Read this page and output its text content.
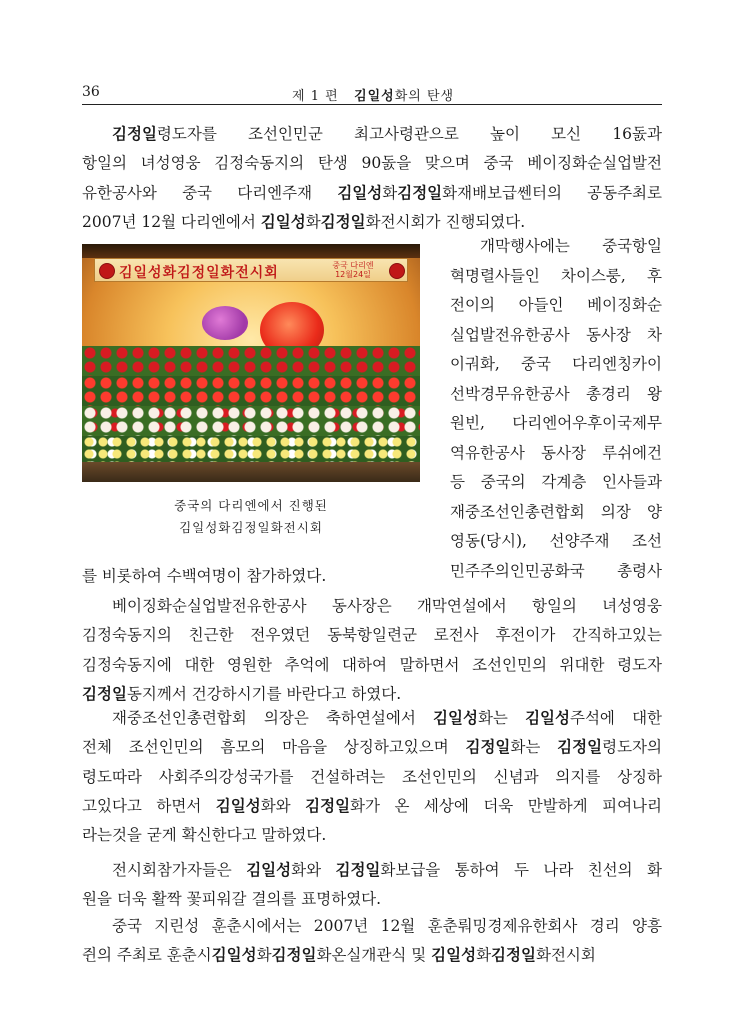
36	제 1 편 김일성화의 탄생
김정일령도자를 조선인민군 최고사령관으로 높이 모신 16돐과
항일의 녀성영웅 김정숙동지의 탄생 90돐을 맞으며 중국 베이징화순실업발전
유한공사와 중국 다리엔주재 김일성화김정일화재배보급쎈터의 공동주최로
2007년 12월 다리엔에서 김일성화김정일화전시회가 진행되였다.
개막행사에는 중국항일
혁명렬사들인 차이스룽, 후
전이의 아들인 베이징화순
실업발전유한공사 동사장 차
이궈화, 중국 다리엔칭카이
선박경무유한공사 총경리 왕
원빈, 다리엔어우후이국제무
역유한공사 동사장 루쉬에건
등 중국의 각계층 인사들과
재중조선인총련합회 의장 양
영동(당시), 선양주재 조선
민주주의인민공화국 총령사
를 비롯하여 수백여명이 참가하였다.
베이징화순실업발전유한공사 동사장은 개막연설에서 항일의 녀성영웅
김정숙동지의 친근한 전우였던 동북항일련군 로전사 후전이가 간직하고있는
김정숙동지에 대한 영원한 추억에 대하여 말하면서 조선인민의 위대한 령도자
김정일동지께서 건강하시기를 바란다고 하였다.
재중조선인총련합회 의장은 축하연설에서 김일성화는 김일성주석에 대한
전체 조선인민의 흠모의 마음을 상징하고있으며 김정일화는 김정일령도자의
령도따라 사회주의강성국가를 건설하려는 조선인민의 신념과 의지를 상징하
고있다고 하면서 김일성화와 김정일화가 온 세상에 더욱 만발하게 피여나리
라는것을 굳게 확신한다고 말하였다.
전시회참가자들은 김일성화와 김정일화보급을 통하여 두 나라 친선의 화
원을 더욱 활짝 꽃피워갈 결의를 표명하였다.
중국 지린성 훈춘시에서는 2007년 12월 훈춘뤄밍경제유한회사 경리 양흥
쥔의 주최로 훈춘시김일성화김정일화온실개관식 및 김일성화김정일화전시회
김일성화김정일화전시회	중국 다리엔
12월24일
중국의 다리엔에서 진행된
김일성화김정일화전시회
